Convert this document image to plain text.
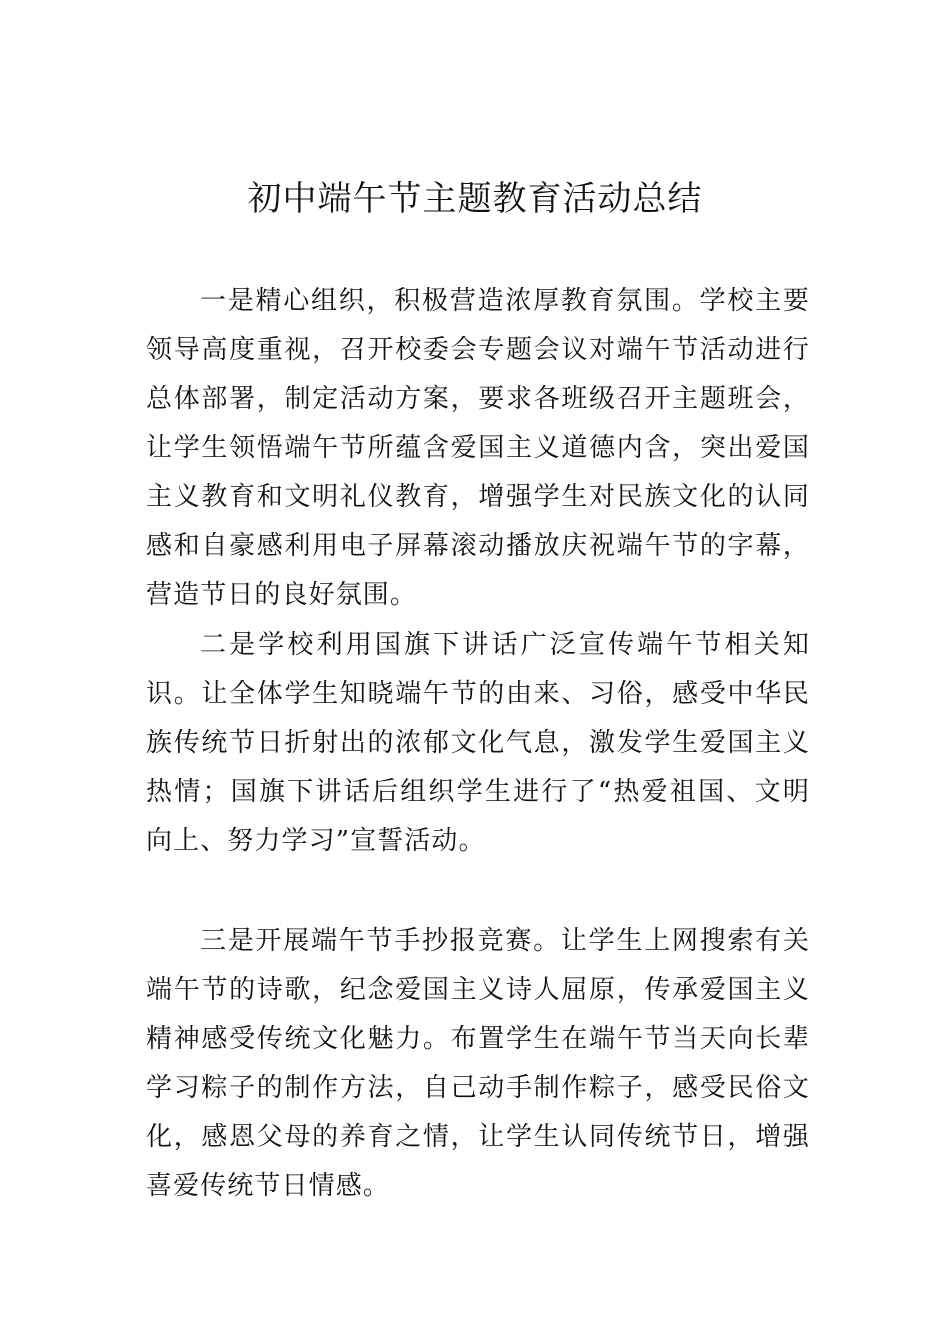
初中端午节主题教育活动总结

一是精心组织，积极营造浓厚教育氛围。学校主要领导高度重视，召开校委会专题会议对端午节活动进行总体部署，制定活动方案，要求各班级召开主题班会，让学生领悟端午节所蕴含爱国主义道德内含，突出爱国主义教育和文明礼仪教育，增强学生对民族文化的认同感和自豪感利用电子屏幕滚动播放庆祝端午节的字幕，营造节日的良好氛围。

二是学校利用国旗下讲话广泛宣传端午节相关知识。让全体学生知晓端午节的由来、习俗，感受中华民族传统节日折射出的浓郁文化气息，激发学生爱国主义热情；国旗下讲话后组织学生进行了“热爱祖国、文明向上、努力学习”宣誓活动。

三是开展端午节手抄报竞赛。让学生上网搜索有关端午节的诗歌，纪念爱国主义诗人屈原，传承爱国主义精神感受传统文化魅力。布置学生在端午节当天向长辈学习粽子的制作方法，自己动手制作粽子，感受民俗文化，感恩父母的养育之情，让学生认同传统节日，增强喜爱传统节日情感。
